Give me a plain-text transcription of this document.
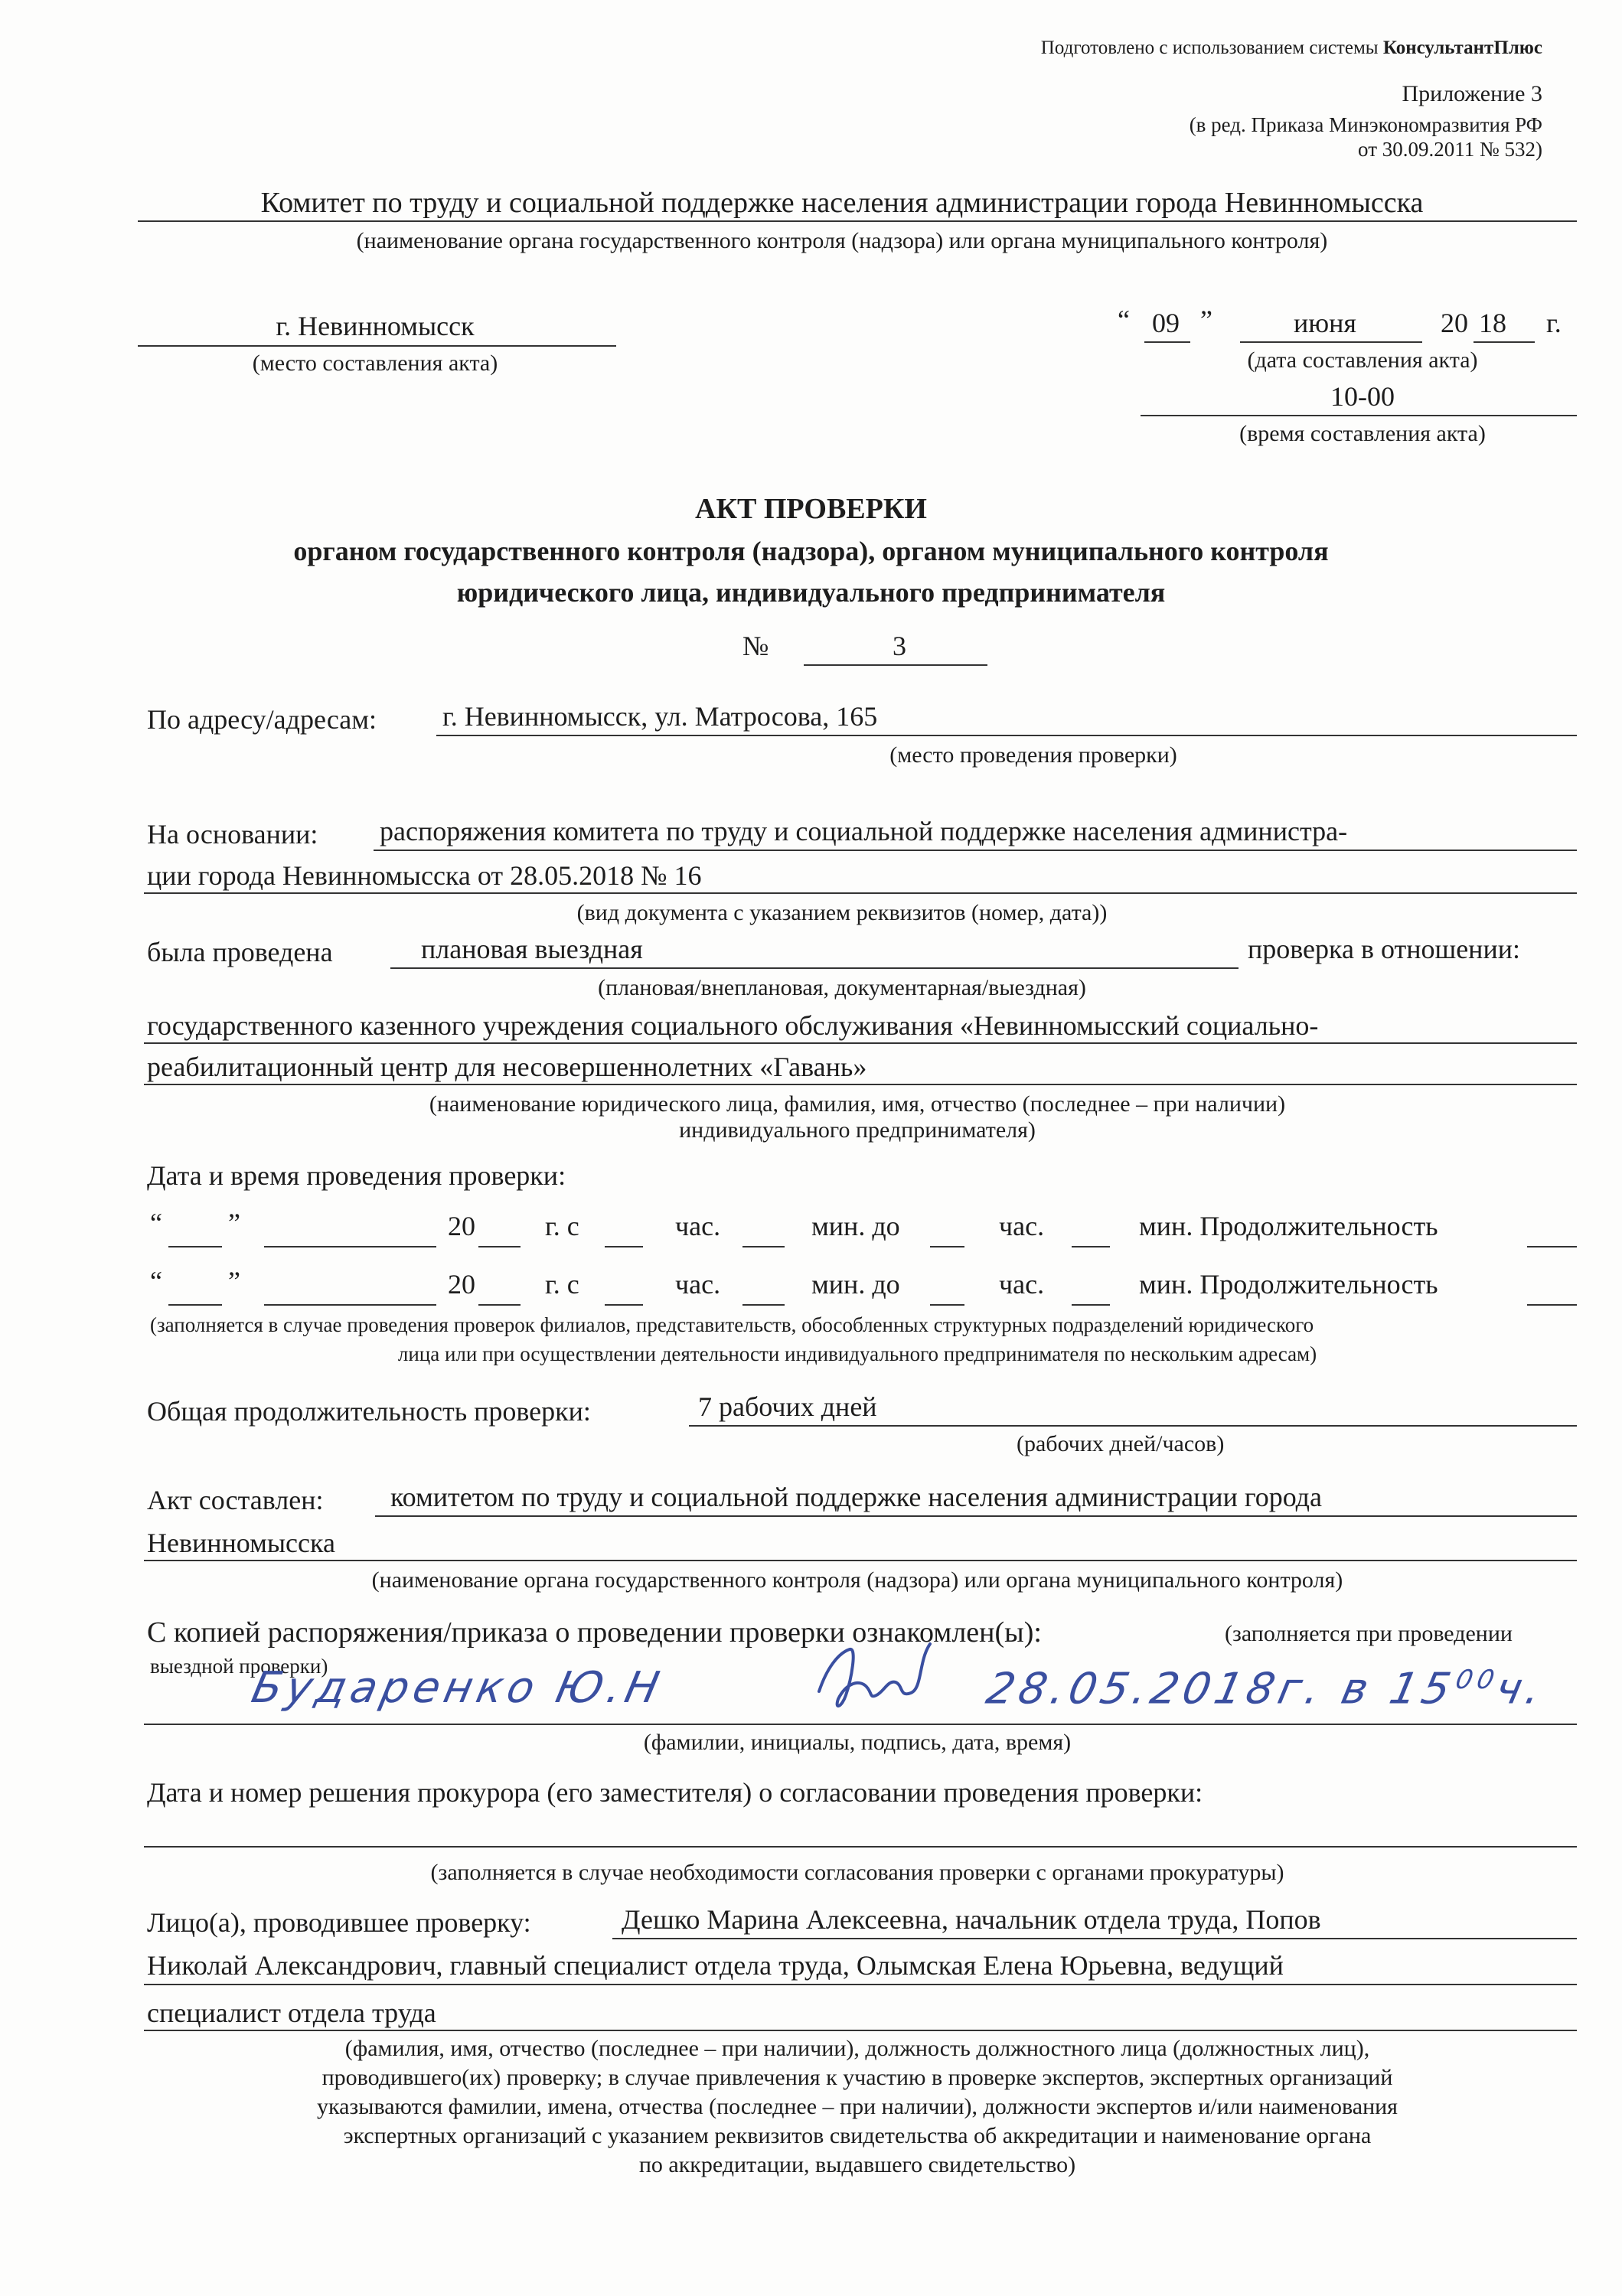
Подготовлено с использованием системы КонсультантПлюс
Приложение 3
(в ред. Приказа Минэкономразвития РФ
от 30.09.2011 № 532)
Комитет по труду и социальной поддержке населения администрации города Невинномысска
(наименование органа государственного контроля (надзора) или органа муниципального контроля)
г. Невинномысск
(место составления акта)
“ 09 ”	июня	20 18 г.
(дата составления акта)
10-00
(время составления акта)
АКТ ПРОВЕРКИ
органом государственного контроля (надзора), органом муниципального контроля
юридического лица, индивидуального предпринимателя
№	3
По адресу/адресам: г. Невинномысск, ул. Матросова, 165
(место проведения проверки)
На основании: распоряжения комитета по труду и социальной поддержке населения администра-
ции города Невинномысска от 28.05.2018 № 16
(вид документа с указанием реквизитов (номер, дата))
была проведена	плановая выездная	проверка в отношении:
(плановая/внеплановая, документарная/выездная)
государственного казенного учреждения социального обслуживания «Невинномысский социально-
реабилитационный центр для несовершеннолетних «Гавань»
(наименование юридического лица, фамилия, имя, отчество (последнее – при наличии)
индивидуального предпринимателя)
Дата и время проведения проверки:
“ ”	20	г. с	час.	мин. до	час.	мин. Продолжительность
“ ”	20	г. с	час.	мин. до	час.	мин. Продолжительность
(заполняется в случае проведения проверок филиалов, представительств, обособленных структурных подразделений юридического
лица или при осуществлении деятельности индивидуального предпринимателя по нескольким адресам)
Общая продолжительность проверки:	7 рабочих дней
(рабочих дней/часов)
Акт составлен: комитетом по труду и социальной поддержке населения администрации города
Невинномысска
(наименование органа государственного контроля (надзора) или органа муниципального контроля)
С копией распоряжения/приказа о проведении проверки ознакомлен(ы):	(заполняется при проведении
выездной проверки)
Бударенко Ю.Н	28.05.2018г. в $15^{00}ч$.
(фамилии, инициалы, подпись, дата, время)
Дата и номер решения прокурора (его заместителя) о согласовании проведения проверки:
(заполняется в случае необходимости согласования проверки с органами прокуратуры)
Лицо(а), проводившее проверку:	Дешко Марина Алексеевна, начальник отдела труда, Попов
Николай Александрович, главный специалист отдела труда, Олымская Елена Юрьевна, ведущий
специалист отдела труда
(фамилия, имя, отчество (последнее – при наличии), должность должностного лица (должностных лиц),
проводившего(их) проверку; в случае привлечения к участию в проверке экспертов, экспертных организаций
указываются фамилии, имена, отчества (последнее – при наличии), должности экспертов и/или наименования
экспертных организаций с указанием реквизитов свидетельства об аккредитации и наименование органа
по аккредитации, выдавшего свидетельство)
